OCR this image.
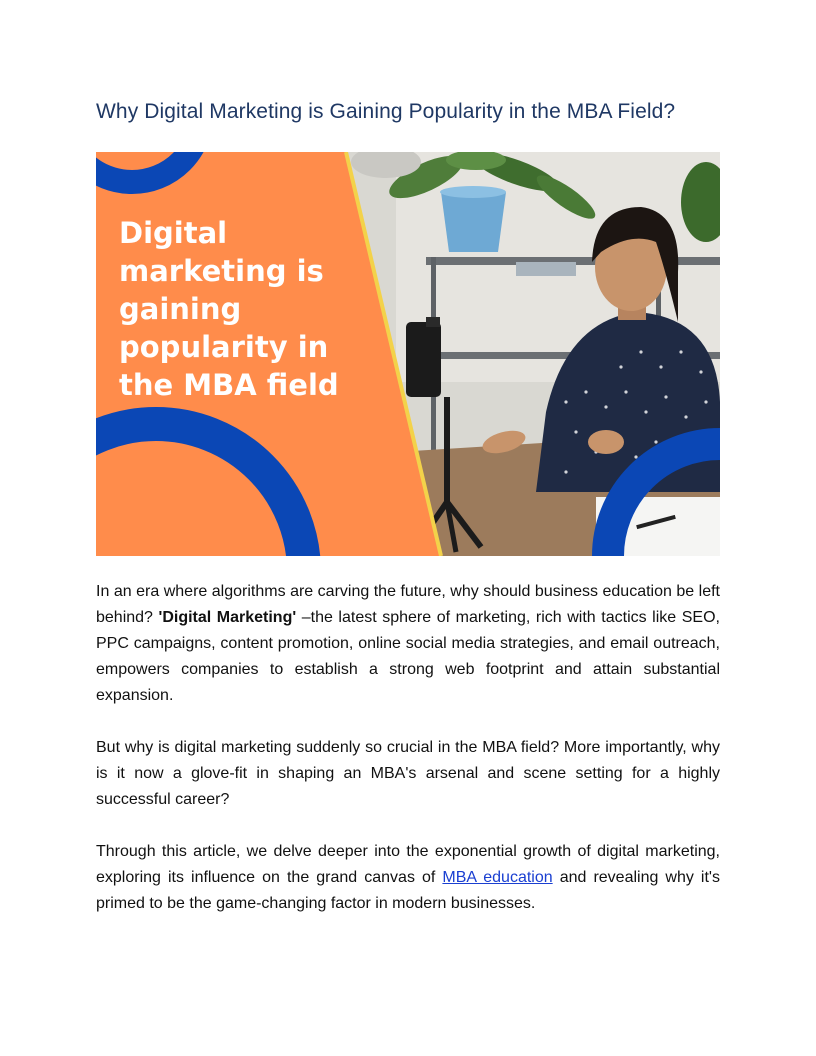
Why Digital Marketing is Gaining Popularity in the MBA Field?
Digital
marketing is
gaining
popularity in
the MBA field

In an era where algorithms are carving the future, why should business education be left behind? 'Digital Marketing' –the latest sphere of marketing, rich with tactics like SEO, PPC campaigns, content promotion, online social media strategies, and email outreach, empowers companies to establish a strong web footprint and attain substantial expansion.

But why is digital marketing suddenly so crucial in the MBA field? More importantly, why is it now a glove-fit in shaping an MBA's arsenal and scene setting for a highly successful career?

Through this article, we delve deeper into the exponential growth of digital marketing, exploring its influence on the grand canvas of MBA education and revealing why it's primed to be the game-changing factor in modern businesses.
